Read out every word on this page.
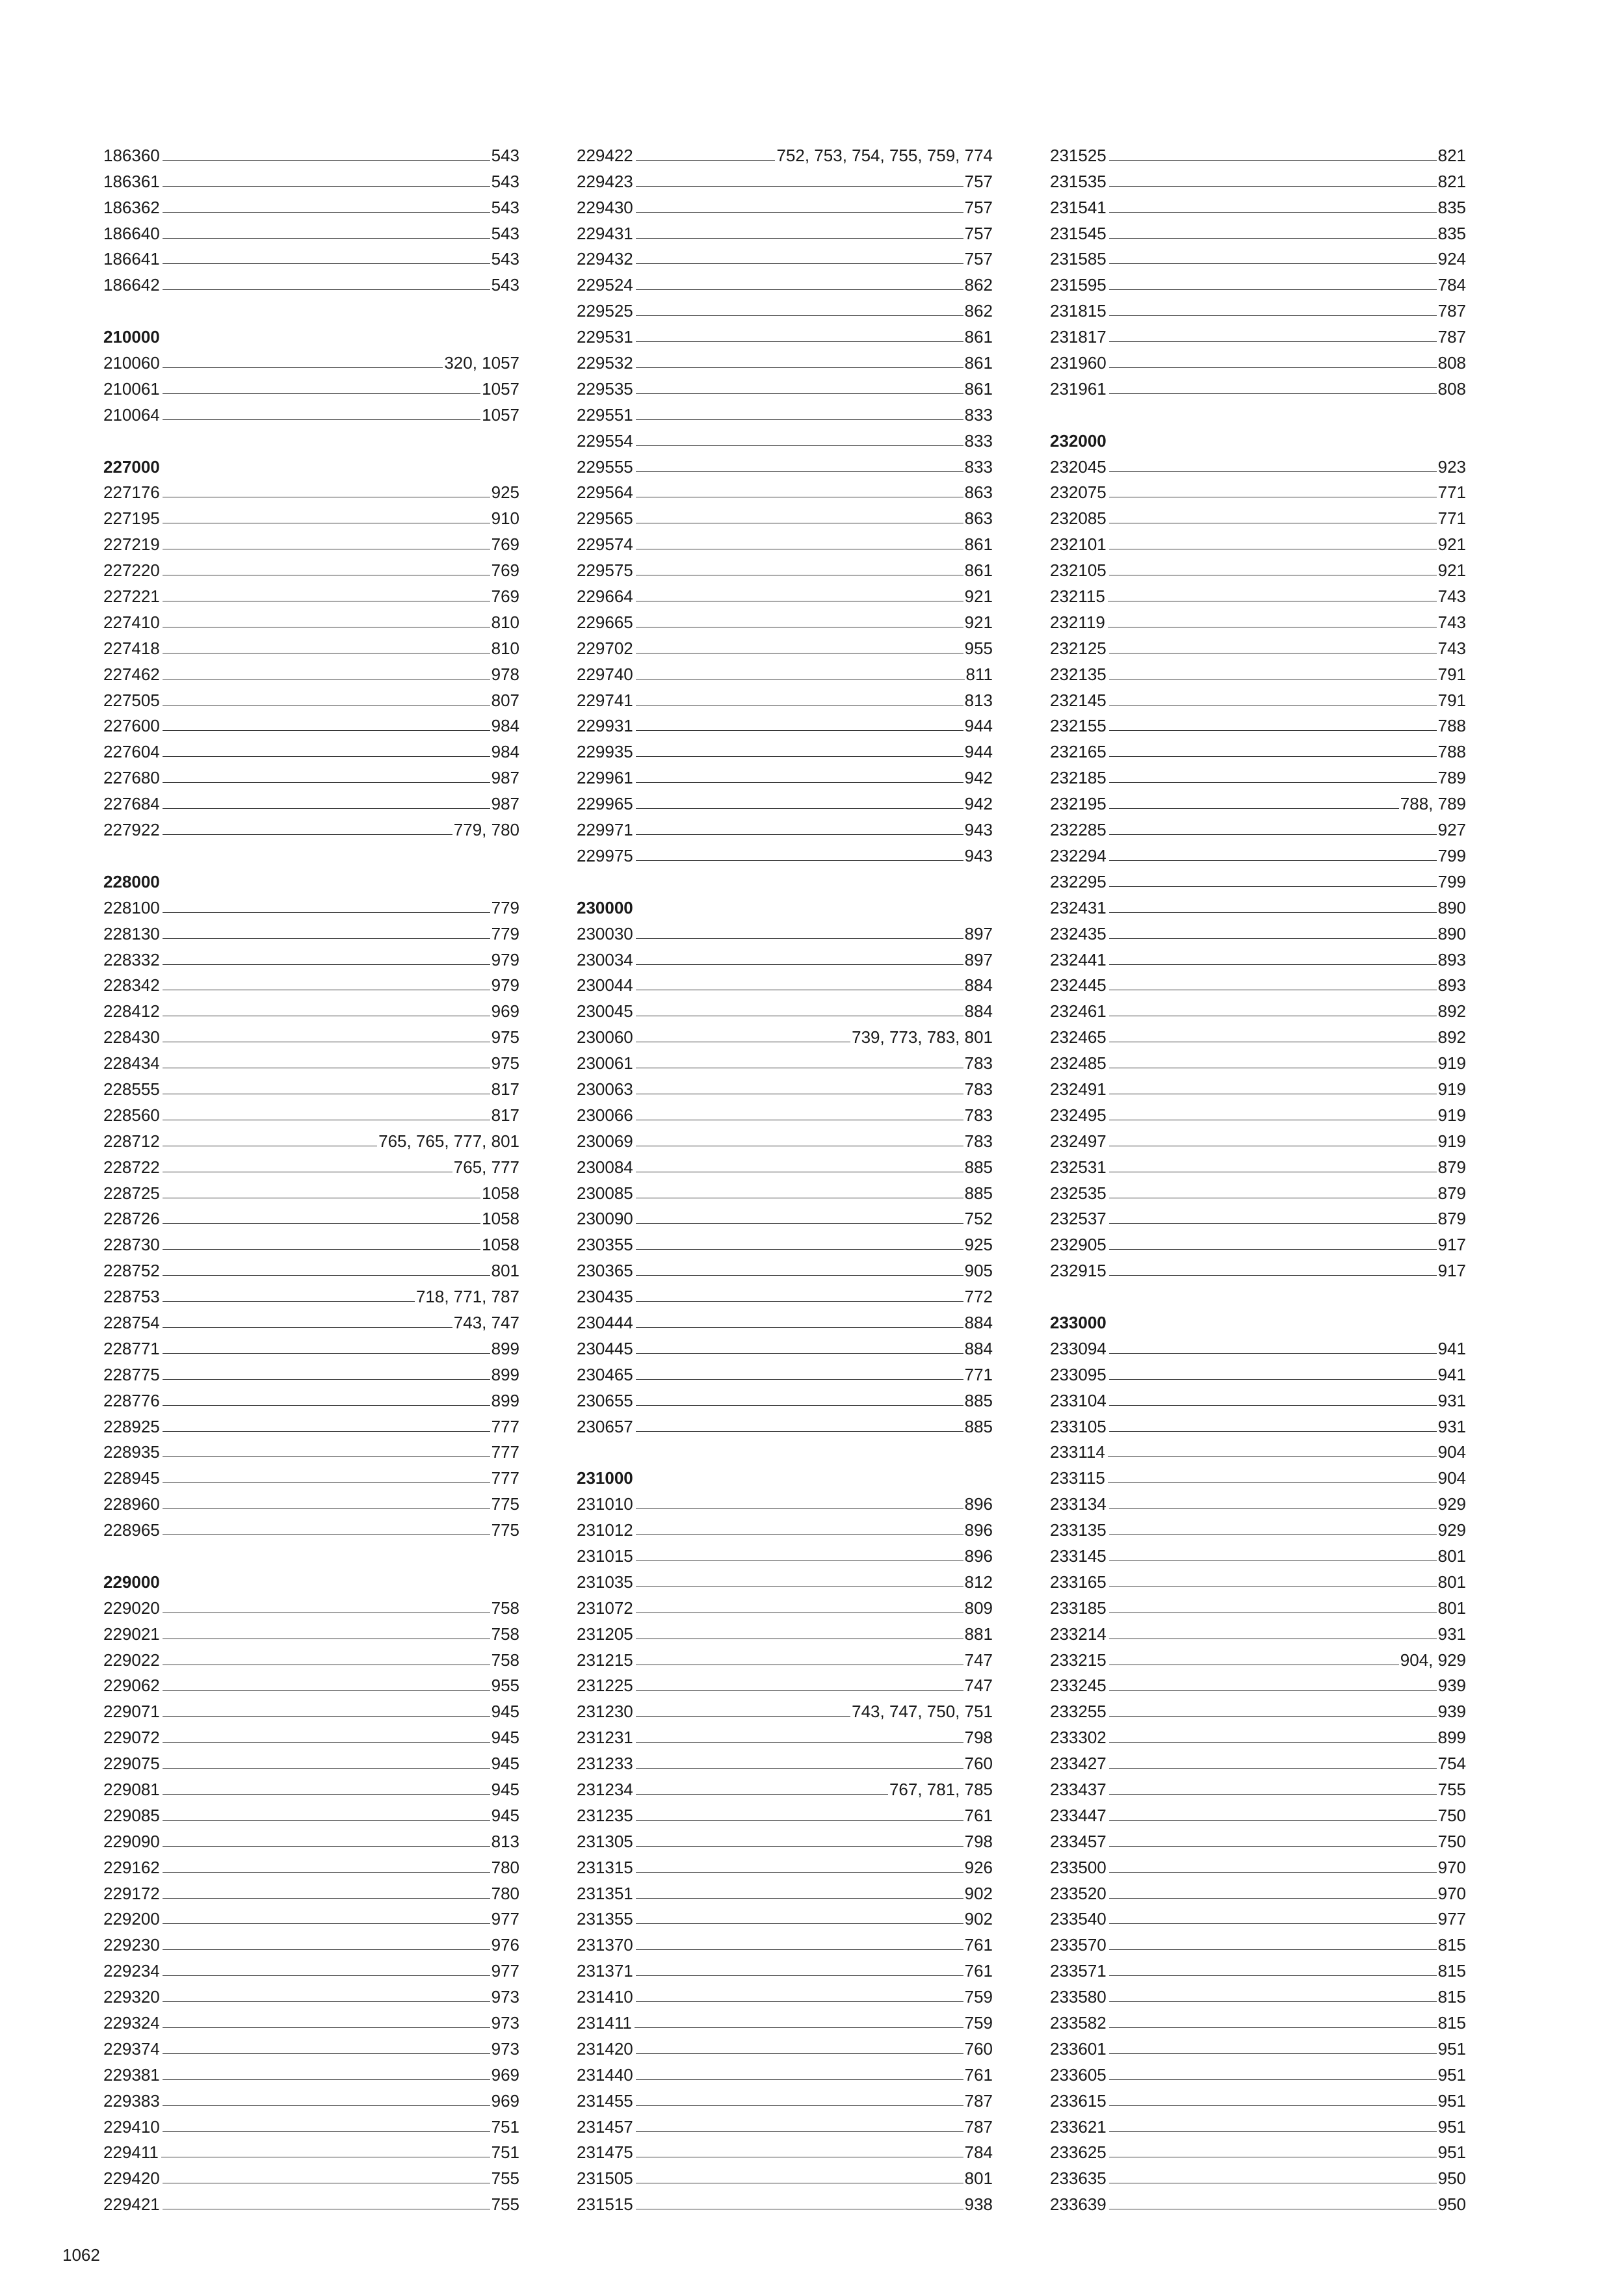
186360	543
186361	543
186362	543
186640	543
186641	543
186642	543
210000
210060	320, 1057
210061	1057
210064	1057
227000
227176	925
227195	910
227219	769
227220	769
227221	769
227410	810
227418	810
227462	978
227505	807
227600	984
227604	984
227680	987
227684	987
227922	779, 780
228000
228100	779
228130	779
228332	979
228342	979
228412	969
228430	975
228434	975
228555	817
228560	817
228712	765, 765, 777, 801
228722	765, 777
228725	1058
228726	1058
228730	1058
228752	801
228753	718, 771, 787
228754	743, 747
228771	899
228775	899
228776	899
228925	777
228935	777
228945	777
228960	775
228965	775
229000
229020	758
229021	758
229022	758
229062	955
229071	945
229072	945
229075	945
229081	945
229085	945
229090	813
229162	780
229172	780
229200	977
229230	976
229234	977
229320	973
229324	973
229374	973
229381	969
229383	969
229410	751
229411	751
229420	755
229421	755
229422	752, 753, 754, 755, 759, 774
229423	757
229430	757
229431	757
229432	757
229524	862
229525	862
229531	861
229532	861
229535	861
229551	833
229554	833
229555	833
229564	863
229565	863
229574	861
229575	861
229664	921
229665	921
229702	955
229740	811
229741	813
229931	944
229935	944
229961	942
229965	942
229971	943
229975	943
230000
230030	897
230034	897
230044	884
230045	884
230060	739, 773, 783, 801
230061	783
230063	783
230066	783
230069	783
230084	885
230085	885
230090	752
230355	925
230365	905
230435	772
230444	884
230445	884
230465	771
230655	885
230657	885
231000
231010	896
231012	896
231015	896
231035	812
231072	809
231205	881
231215	747
231225	747
231230	743, 747, 750, 751
231231	798
231233	760
231234	767, 781, 785
231235	761
231305	798
231315	926
231351	902
231355	902
231370	761
231371	761
231410	759
231411	759
231420	760
231440	761
231455	787
231457	787
231475	784
231505	801
231515	938
231525	821
231535	821
231541	835
231545	835
231585	924
231595	784
231815	787
231817	787
231960	808
231961	808
232000
232045	923
232075	771
232085	771
232101	921
232105	921
232115	743
232119	743
232125	743
232135	791
232145	791
232155	788
232165	788
232185	789
232195	788, 789
232285	927
232294	799
232295	799
232431	890
232435	890
232441	893
232445	893
232461	892
232465	892
232485	919
232491	919
232495	919
232497	919
232531	879
232535	879
232537	879
232905	917
232915	917
233000
233094	941
233095	941
233104	931
233105	931
233114	904
233115	904
233134	929
233135	929
233145	801
233165	801
233185	801
233214	931
233215	904, 929
233245	939
233255	939
233302	899
233427	754
233437	755
233447	750
233457	750
233500	970
233520	970
233540	977
233570	815
233571	815
233580	815
233582	815
233601	951
233605	951
233615	951
233621	951
233625	951
233635	950
233639	950
1062
